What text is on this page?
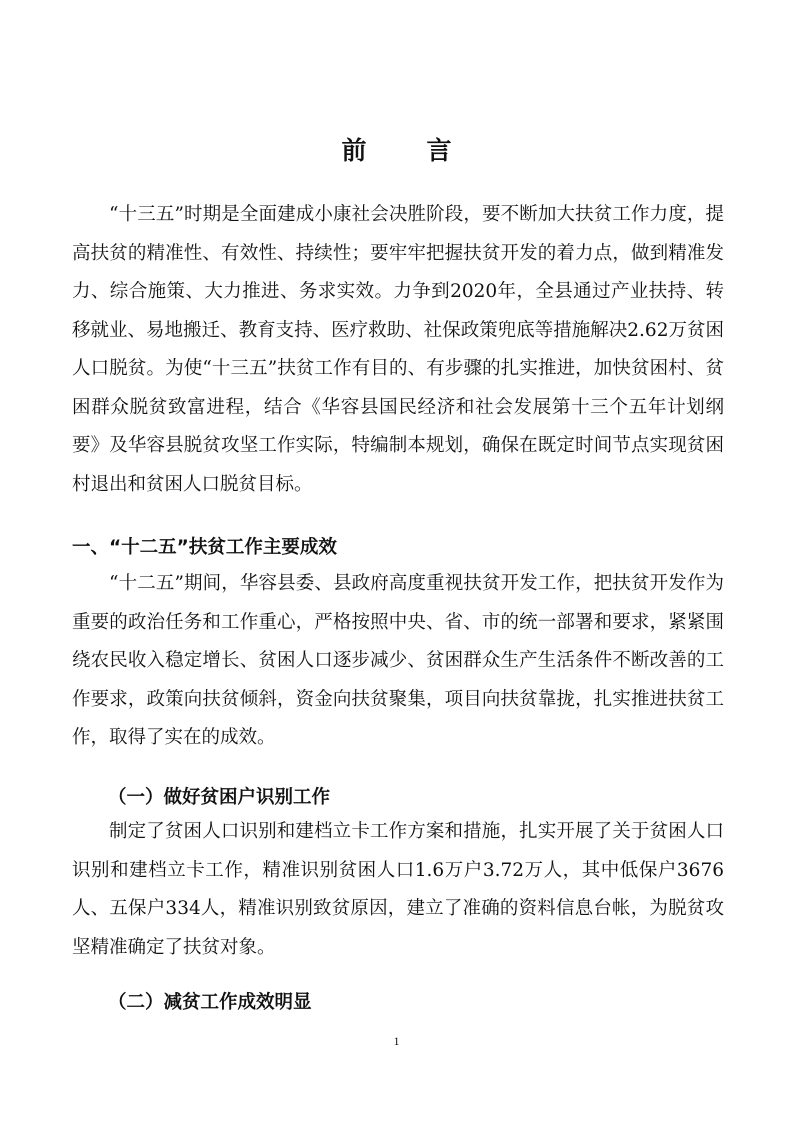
前言

“十三五”时期是全面建成小康社会决胜阶段，要不断加大扶贫工作力度，提高扶贫的精准性、有效性、持续性；要牢牢把握扶贫开发的着力点，做到精准发力、综合施策、大力推进、务求实效。力争到2020年，全县通过产业扶持、转移就业、易地搬迁、教育支持、医疗救助、社保政策兜底等措施解决2.62万贫困人口脱贫。为使“十三五”扶贫工作有目的、有步骤的扎实推进，加快贫困村、贫困群众脱贫致富进程，结合《华容县国民经济和社会发展第十三个五年计划纲要》及华容县脱贫攻坚工作实际，特编制本规划，确保在既定时间节点实现贫困村退出和贫困人口脱贫目标。

一、“十二五”扶贫工作主要成效

“十二五”期间，华容县委、县政府高度重视扶贫开发工作，把扶贫开发作为重要的政治任务和工作重心，严格按照中央、省、市的统一部署和要求，紧紧围绕农民收入稳定增长、贫困人口逐步减少、贫困群众生产生活条件不断改善的工作要求，政策向扶贫倾斜，资金向扶贫聚集，项目向扶贫靠拢，扎实推进扶贫工作，取得了实在的成效。

（一）做好贫困户识别工作

制定了贫困人口识别和建档立卡工作方案和措施，扎实开展了关于贫困人口识别和建档立卡工作，精准识别贫困人口1.6万户3.72万人，其中低保户3676人、五保户334人，精准识别致贫原因，建立了准确的资料信息台帐，为脱贫攻坚精准确定了扶贫对象。

（二）减贫工作成效明显
1
